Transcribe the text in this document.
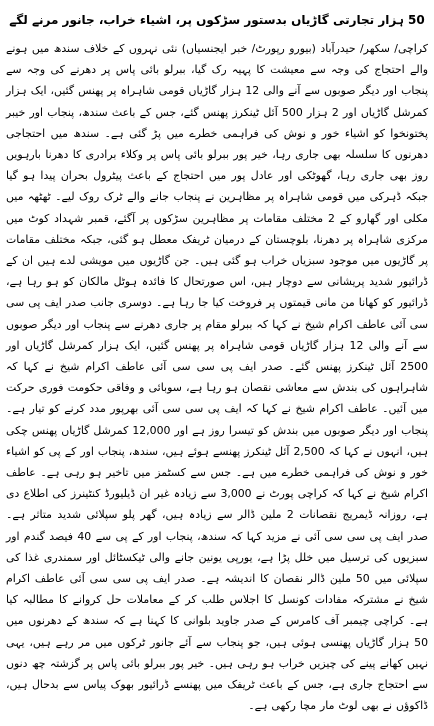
50 ہزار تجارتی گاڑیاں بدستور سڑکوں پر، اشیاء خراب، جانور مرنے لگے

کراچی/ سکھر/ حیدرآباد (بیورو رپورٹ/ خبر ایجنسیاں) نئی نہروں کے خلاف سندھ میں ہونے والے احتجاج کی وجہ سے معیشت کا پہیہ رک گیا، ببرلو بائی پاس پر دھرنے کی وجہ سے پنجاب اور دیگر صوبوں سے آنے والی 12 ہزار گاڑیاں قومی شاہراہ پر پھنس گئیں، ایک ہزار کمرشل گاڑیاں اور 2 ہزار 500 آئل ٹینکرز پھنس گئے، جس کے باعث سندھ، پنجاب اور خیبر پختونخوا کو اشیاء خور و نوش کی فراہمی خطرے میں پڑ گئی ہے۔ سندھ میں احتجاجی دھرنوں کا سلسلہ بھی جاری رہا، خیر پور ببرلو بائی پاس پر وکلاء برادری کا دھرنا بارہویں روز بھی جاری رہا، گھوٹکی اور عادل پور میں احتجاج کے باعث پیٹرول بحران پیدا ہو گیا جبکہ ڈہرکی میں قومی شاہراہ پر مظاہرین نے پنجاب جانے والے ٹرک روک لیے۔ ٹھٹھہ میں مکلی اور گھارو کے 2 مختلف مقامات پر مظاہرین سڑکوں پر آگئے، قمبر شہداد کوٹ میں مرکزی شاہراہ پر دھرنا، بلوچستان کے درمیان ٹریفک معطل ہو گئی، جبکہ مختلف مقامات پر گاڑیوں میں موجود سبزیاں خراب ہو گئی ہیں۔ جن گاڑیوں میں مویشی لدے ہیں ان کے ڈرائیور شدید پریشانی سے دوچار ہیں، اس صورتحال کا فائدہ ہوٹل مالکان کو ہو رہا ہے، ڈرائیور کو کھانا من مانی قیمتوں پر فروخت کیا جا رہا ہے۔ دوسری جانب صدر ایف پی سی سی آئی عاطف اکرام شیخ نے کہا کہ ببرلو مقام پر جاری دھرنے سے پنجاب اور دیگر صوبوں سے آنے والی 12 ہزار گاڑیاں قومی شاہراہ پر پھنس گئیں، ایک ہزار کمرشل گاڑیاں اور 2500 آئل ٹینکرز پھنس گئے۔ صدر ایف پی سی سی آئی عاطف اکرام شیخ نے کہا کہ شاہراہوں کی بندش سے معاشی نقصان ہو رہا ہے، سوبائی و وفاقی حکومت فوری حرکت میں آئیں۔ عاطف اکرام شیخ نے کہا کہ ایف پی سی سی آئی بھرپور مدد کرنے کو تیار ہے۔ پنجاب اور دیگر صوبوں میں بندش کو تیسرا روز ہے اور 12,000 کمرشل گاڑیاں پھنس چکی ہیں، انہوں نے کہا کہ 2,500 آئل ٹینکرز پھنسے ہوئے ہیں، سندھ، پنجاب اور کے پی کو اشیاء خور و نوش کی فراہمی خطرے میں ہے۔ جس سے کسٹمز میں تاخیر ہو رہی ہے۔ عاطف اکرام شیخ نے کہا کہ کراچی پورٹ نے 3,000 سے زیادہ غیر ان ڈیلیورڈ کنٹینرز کی اطلاع دی ہے، روزانہ ڈیمریج نقصانات 2 ملین ڈالر سے زیادہ ہیں، گھر پلو سپلائی شدید متاثر ہے۔ صدر ایف پی سی سی آئی نے مزید کہا کہ سندھ، پنجاب اور کے پی سے 40 فیصد گندم اور سبزیوں کی ترسیل میں خلل پڑا ہے، یورپی یونین جانے والی ٹیکسٹائل اور سمندری غذا کی سپلائی میں 50 ملین ڈالر نقصان کا اندیشہ ہے۔ صدر ایف پی سی سی آئی عاطف اکرام شیخ نے مشترکہ مفادات کونسل کا اجلاس طلب کر کے معاملات حل کروانے کا مطالبہ کیا ہے۔ کراچی چیمبر آف کامرس کے صدر جاوید بلوانی کا کہنا ہے کہ سندھ کے دھرنوں میں 50 ہزار گاڑیاں پھنسی ہوئی ہیں، جو پنجاب سے آئے جانور ٹرکوں میں مر رہے ہیں، یہی نہیں کھانے پینے کی چیزیں خراب ہو رہی ہیں۔ خیر پور ببرلو بائی پاس پر گزشتہ چھ دنوں سے احتجاج جاری ہے، جس کے باعث ٹریفک میں پھنسے ڈرائیور بھوک پیاس سے بدحال ہیں، ڈاکوؤں نے بھی لوٹ مار مچا رکھی ہے۔
